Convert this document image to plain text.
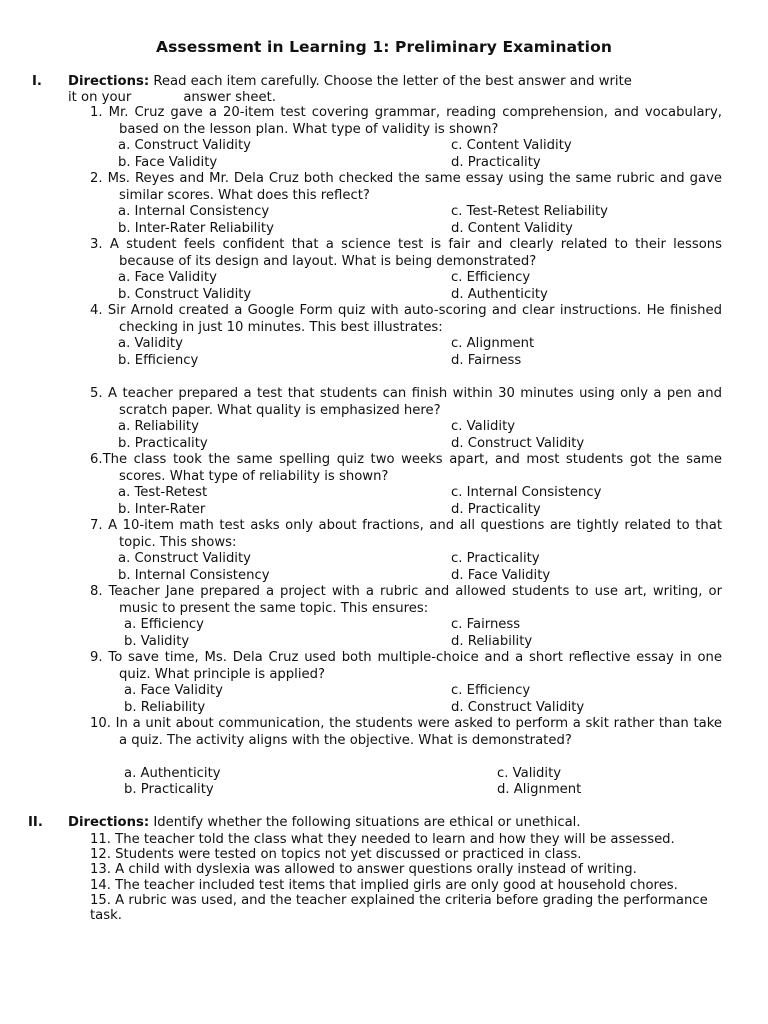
Assessment in Learning 1: Preliminary Examination
I. Directions: Read each item carefully. Choose the letter of the best answer and write
it on your	answer sheet.
1. Mr. Cruz gave a 20-item test covering grammar, reading comprehension, and vocabulary, based on the lesson plan. What type of validity is shown?
a. Construct Validity	c. Content Validity
b. Face Validity	d. Practicality
2. Ms. Reyes and Mr. Dela Cruz both checked the same essay using the same rubric and gave similar scores. What does this reflect?
a. Internal Consistency	c. Test-Retest Reliability
b. Inter-Rater Reliability	d. Content Validity
3. A student feels confident that a science test is fair and clearly related to their lessons because of its design and layout. What is being demonstrated?
a. Face Validity	c. Efficiency
b. Construct Validity	d. Authenticity
4. Sir Arnold created a Google Form quiz with auto-scoring and clear instructions. He finished checking in just 10 minutes. This best illustrates:
a. Validity	c. Alignment
b. Efficiency	d. Fairness
5. A teacher prepared a test that students can finish within 30 minutes using only a pen and scratch paper. What quality is emphasized here?
a. Reliability	c. Validity
b. Practicality	d. Construct Validity
6.The class took the same spelling quiz two weeks apart, and most students got the same scores. What type of reliability is shown?
a. Test-Retest	c. Internal Consistency
b. Inter-Rater	d. Practicality
7. A 10-item math test asks only about fractions, and all questions are tightly related to that topic. This shows:
a. Construct Validity	c. Practicality
b. Internal Consistency	d. Face Validity
8. Teacher Jane prepared a project with a rubric and allowed students to use art, writing, or music to present the same topic. This ensures:
a. Efficiency	c. Fairness
b. Validity	d. Reliability
9. To save time, Ms. Dela Cruz used both multiple-choice and a short reflective essay in one quiz. What principle is applied?
a. Face Validity	c. Efficiency
b. Reliability	d. Construct Validity
10. In a unit about communication, the students were asked to perform a skit rather than take a quiz. The activity aligns with the objective. What is demonstrated?
a. Authenticity	c. Validity
b. Practicality	d. Alignment
II. Directions: Identify whether the following situations are ethical or unethical.
11. The teacher told the class what they needed to learn and how they will be assessed.
12. Students were tested on topics not yet discussed or practiced in class.
13. A child with dyslexia was allowed to answer questions orally instead of writing.
14. The teacher included test items that implied girls are only good at household chores.
15. A rubric was used, and the teacher explained the criteria before grading the performance task.
